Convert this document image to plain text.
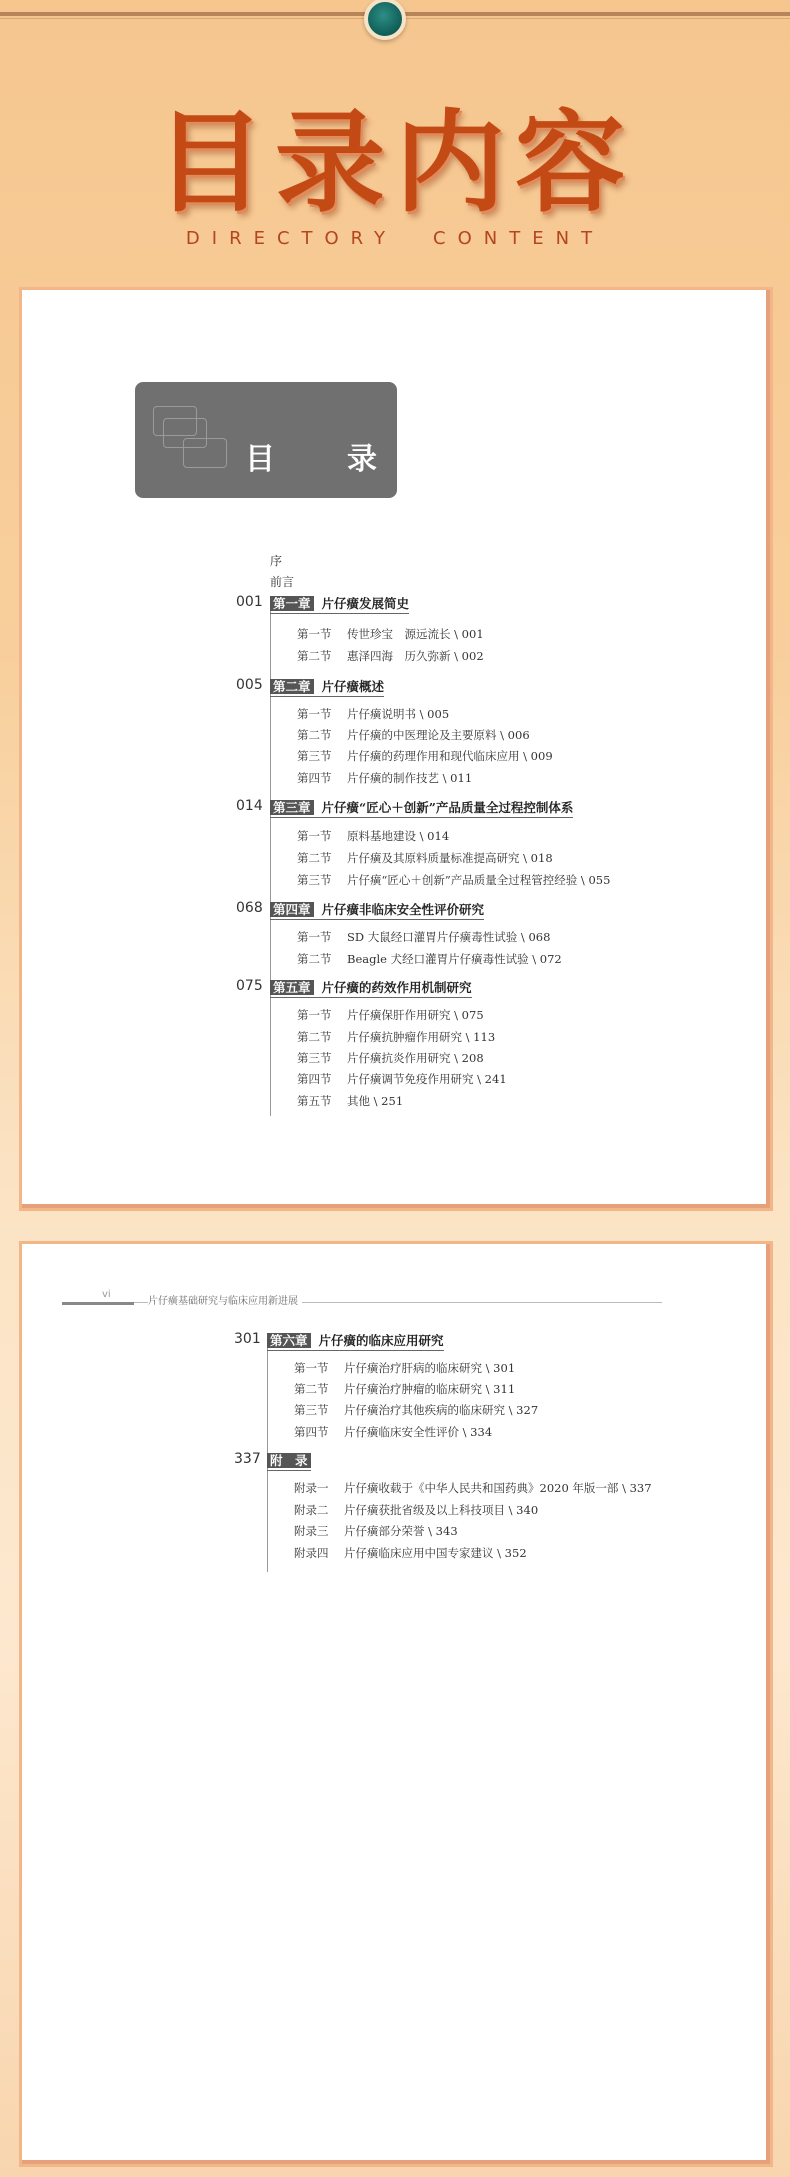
目录内容
DIRECTORY CONTENT
目 录
序
前言
001 第一章 片仔癀发展简史
第一节 传世珍宝　源远流长 \ 001
第二节 惠泽四海　历久弥新 \ 002
005 第二章 片仔癀概述
第一节 片仔癀说明书 \ 005
第二节 片仔癀的中医理论及主要原料 \ 006
第三节 片仔癀的药理作用和现代临床应用 \ 009
第四节 片仔癀的制作技艺 \ 011
014 第三章 片仔癀“匠心＋创新”产品质量全过程控制体系
第一节 原料基地建设 \ 014
第二节 片仔癀及其原料质量标准提高研究 \ 018
第三节 片仔癀“匠心＋创新”产品质量全过程管控经验 \ 055
068 第四章 片仔癀非临床安全性评价研究
第一节 SD 大鼠经口灌胃片仔癀毒性试验 \ 068
第二节 Beagle 犬经口灌胃片仔癀毒性试验 \ 072
075 第五章 片仔癀的药效作用机制研究
第一节 片仔癀保肝作用研究 \ 075
第二节 片仔癀抗肿瘤作用研究 \ 113
第三节 片仔癀抗炎作用研究 \ 208
第四节 片仔癀调节免疫作用研究 \ 241
第五节 其他 \ 251
vi
片仔癀基础研究与临床应用新进展
301 第六章 片仔癀的临床应用研究
第一节 片仔癀治疗肝病的临床研究 \ 301
第二节 片仔癀治疗肿瘤的临床研究 \ 311
第三节 片仔癀治疗其他疾病的临床研究 \ 327
第四节 片仔癀临床安全性评价 \ 334
337 附　录
附录一 片仔癀收载于《中华人民共和国药典》2020 年版一部 \ 337
附录二 片仔癀获批省级及以上科技项目 \ 340
附录三 片仔癀部分荣誉 \ 343
附录四 片仔癀临床应用中国专家建议 \ 352
